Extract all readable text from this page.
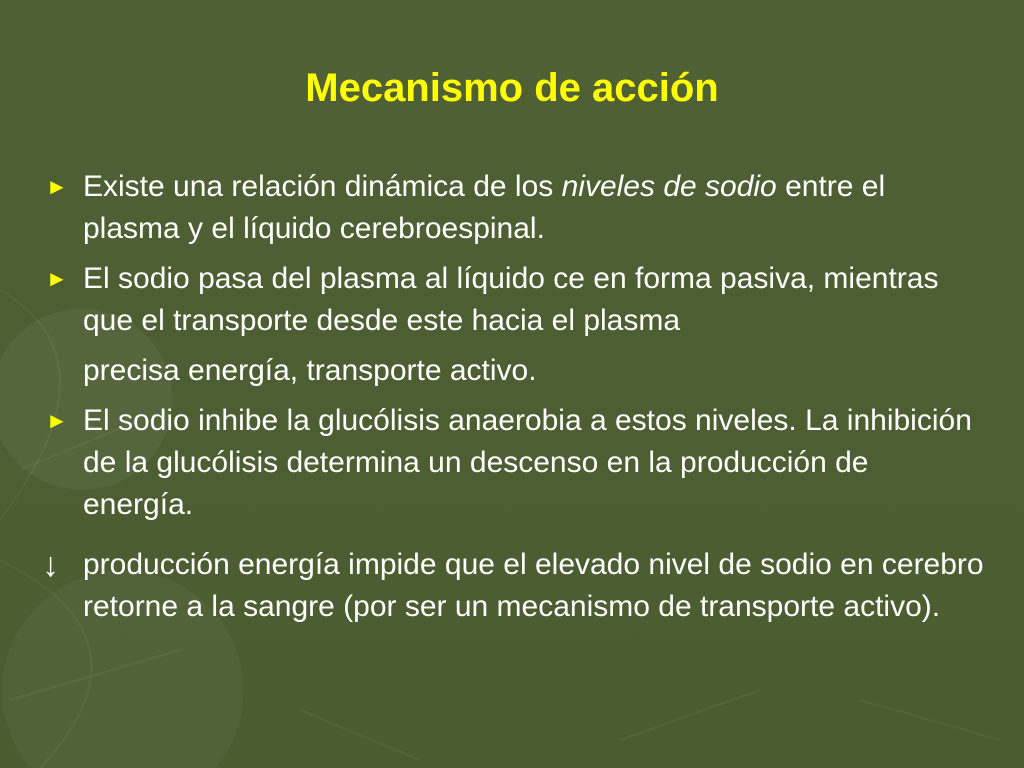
Mecanismo de acción

► Existe una relación dinámica de los niveles de sodio entre el plasma y el líquido cerebroespinal.

► El sodio pasa del plasma al líquido ce en forma pasiva, mientras que el transporte desde este hacia el plasma
precisa energía, transporte activo.

► El sodio inhibe la glucólisis anaerobia a estos niveles. La inhibición de la glucólisis determina un descenso en la producción de energía.

↓ producción energía impide que el elevado nivel de sodio en cerebro retorne a la sangre (por ser un mecanismo de transporte activo).
